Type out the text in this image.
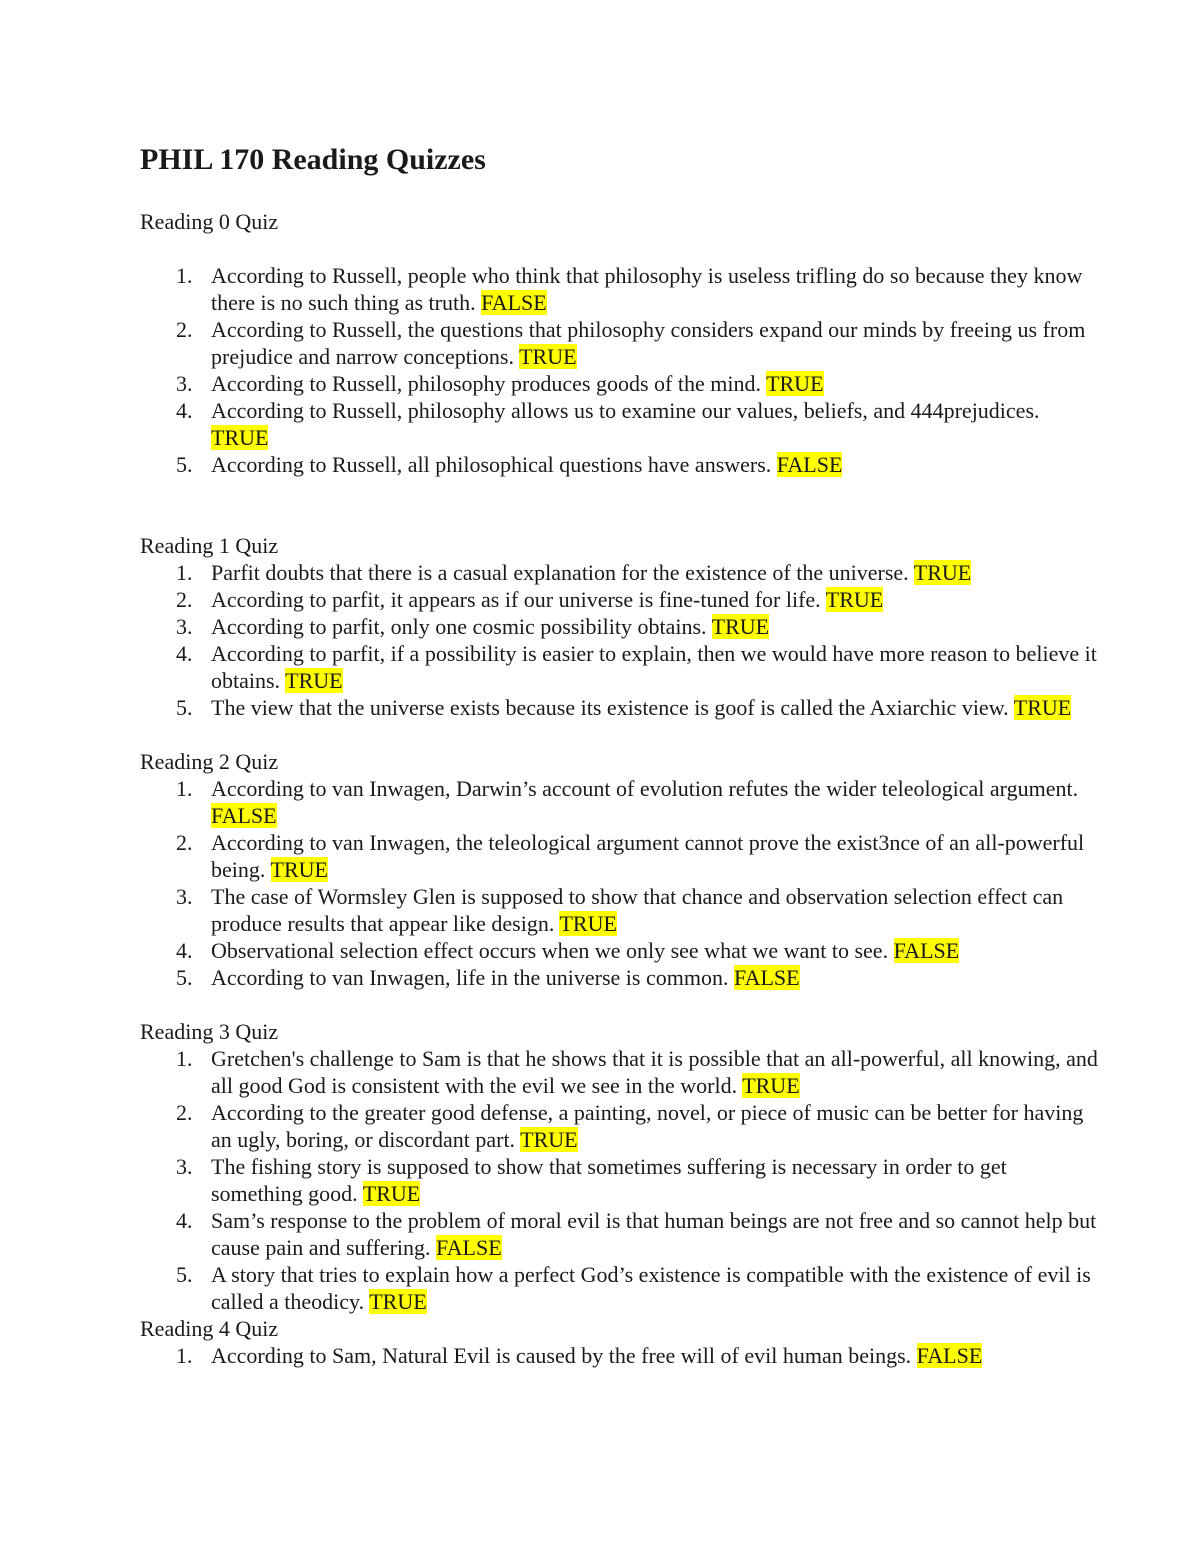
PHIL 170 Reading Quizzes
Reading 0 Quiz
1. According to Russell, people who think that philosophy is useless trifling do so because they know there is no such thing as truth. FALSE
2. According to Russell, the questions that philosophy considers expand our minds by freeing us from prejudice and narrow conceptions. TRUE
3. According to Russell, philosophy produces goods of the mind. TRUE
4. According to Russell, philosophy allows us to examine our values, beliefs, and 444prejudices. TRUE
5. According to Russell, all philosophical questions have answers. FALSE
Reading 1 Quiz
1. Parfit doubts that there is a casual explanation for the existence of the universe. TRUE
2. According to parfit, it appears as if our universe is fine-tuned for life. TRUE
3. According to parfit, only one cosmic possibility obtains. TRUE
4. According to parfit, if a possibility is easier to explain, then we would have more reason to believe it obtains. TRUE
5. The view that the universe exists because its existence is goof is called the Axiarchic view. TRUE
Reading 2 Quiz
1. According to van Inwagen, Darwin’s account of evolution refutes the wider teleological argument. FALSE
2. According to van Inwagen, the teleological argument cannot prove the exist3nce of an all-powerful being. TRUE
3. The case of Wormsley Glen is supposed to show that chance and observation selection effect can produce results that appear like design. TRUE
4. Observational selection effect occurs when we only see what we want to see. FALSE
5. According to van Inwagen, life in the universe is common. FALSE
Reading 3 Quiz
1. Gretchen's challenge to Sam is that he shows that it is possible that an all-powerful, all knowing, and all good God is consistent with the evil we see in the world. TRUE
2. According to the greater good defense, a painting, novel, or piece of music can be better for having an ugly, boring, or discordant part. TRUE
3. The fishing story is supposed to show that sometimes suffering is necessary in order to get something good. TRUE
4. Sam’s response to the problem of moral evil is that human beings are not free and so cannot help but cause pain and suffering. FALSE
5. A story that tries to explain how a perfect God’s existence is compatible with the existence of evil is called a theodicy. TRUE
Reading 4 Quiz
1. According to Sam, Natural Evil is caused by the free will of evil human beings. FALSE
